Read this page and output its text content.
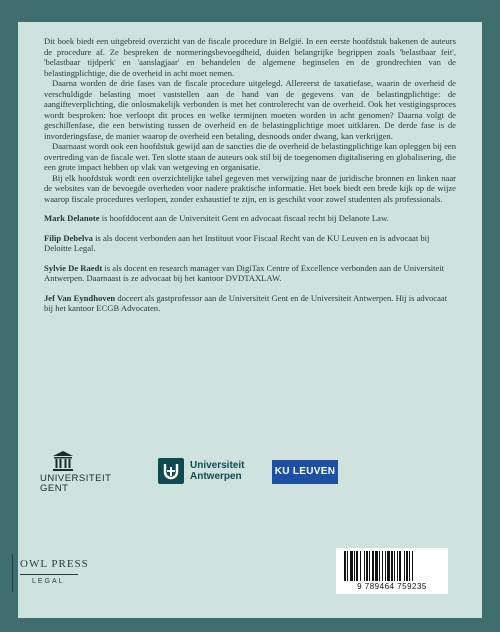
Dit boek biedt een uitgebreid overzicht van de fiscale procedure in België. In een eerste hoofdstuk bakenen de auteurs de procedure af. Ze bespreken de normeringsbevoegdheid, duiden belangrijke begrippen zoals 'belastbaar feit', 'belastbaar tijdperk' en 'aanslagjaar' en behandelen de algemene beginselen en de grondrechten van de belastingplichtige, die de overheid in acht moet nemen.

Daarna worden de drie fases van de fiscale procedure uitgelegd. Allereerst de taxatiefase, waarin de overheid de verschuldigde belasting moet vaststellen aan de hand van de gegevens van de belastingplichtige: de aangifteverplichting, die onlosmakelijk verbonden is met het controlerecht van de overheid. Ook het vestigingsproces wordt besproken: hoe verloopt dit proces en welke termijnen moeten worden in acht genomen? Daarna volgt de geschillenfase, die een betwisting tussen de overheid en de belastingplichtige moet uitklaren. De derde fase is de invorderingsfase, de manier waarop de overheid een betaling, desnoods onder dwang, kan verkrijgen.

Daarnaast wordt ook een hoofdstuk gewijd aan de sancties die de overheid de belastingplichtige kan opleggen bij een overtreding van de fiscale wet. Ten slotte staan de auteurs ook stil bij de toegenomen digitalisering en globalisering, die een grote impact hebben op vlak van wetgeving en organisatie.

Bij elk hoofdstuk wordt een overzichtelijke tabel gegeven met verwijzing naar de juridische bronnen en linken naar de websites van de bevoegde overheden voor nadere praktische informatie. Het boek biedt een brede kijk op de wijze waarop fiscale procedures verlopen, zonder exhaustief te zijn, en is geschikt voor zowel studenten als professionals.

Mark Delanote is hoofddocent aan de Universiteit Gent en advocaat fiscaal recht bij Delanote Law.

Filip Debelva is als docent verbonden aan het Instituut voor Fiscaal Recht van de KU Leuven en is advocaat bij Deloitte Legal.

Sylvie De Raedt is als docent en research manager van DigiTax Centre of Excellence verbonden aan de Universiteit Antwerpen. Daarnaast is ze advocaat bij het kantoor DVDTAXLAW.

Jef Van Eyndhoven doceert als gastprofessor aan de Universiteit Gent en de Universiteit Antwerpen. Hij is advocaat bij het kantoor ECGB Advocaten.

UNIVERSITEIT
GENT
Universiteit
Antwerpen	KU LEUVEN
OWL PRESS
LEGAL
9 789464 759235
